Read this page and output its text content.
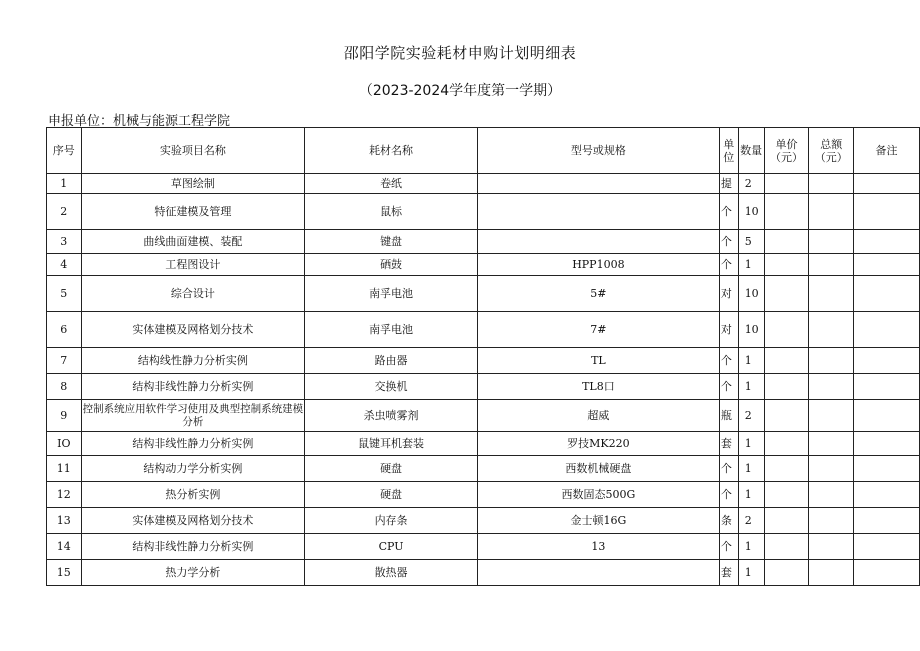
邵阳学院实验耗材申购计划明细表
（2023-2024学年度第一学期）
申报单位：机械与能源工程学院
序号	实验项目名称	耗材名称	型号或规格	单位	数量	单价（元）	总额（元）	备注
1	草图绘制	卷纸		提	2			
2	特征建模及管理	鼠标		个	10			
3	曲线曲面建模、装配	键盘		个	5			
4	工程图设计	硒鼓	HPP1008	个	1			
5	综合设计	南孚电池	5#	对	10			
6	实体建模及网格划分技术	南孚电池	7#	对	10			
7	结构线性静力分析实例	路由器	TL	个	1			
8	结构非线性静力分析实例	交换机	TL8口	个	1			
9	控制系统应用软件学习使用及典型控制系统建模分析	杀虫喷雾剂	超威	瓶	2			
IO	结构非线性静力分析实例	鼠键耳机套装	罗技MK220	套	1			
11	结构动力学分析实例	硬盘	西数机械硬盘	个	1			
12	热分析实例	硬盘	西数固态500G	个	1			
13	实体建模及网格划分技术	内存条	金士顿16G	条	2			
14	结构非线性静力分析实例	CPU	13	个	1			
15	热力学分析	散热器		套	1			
